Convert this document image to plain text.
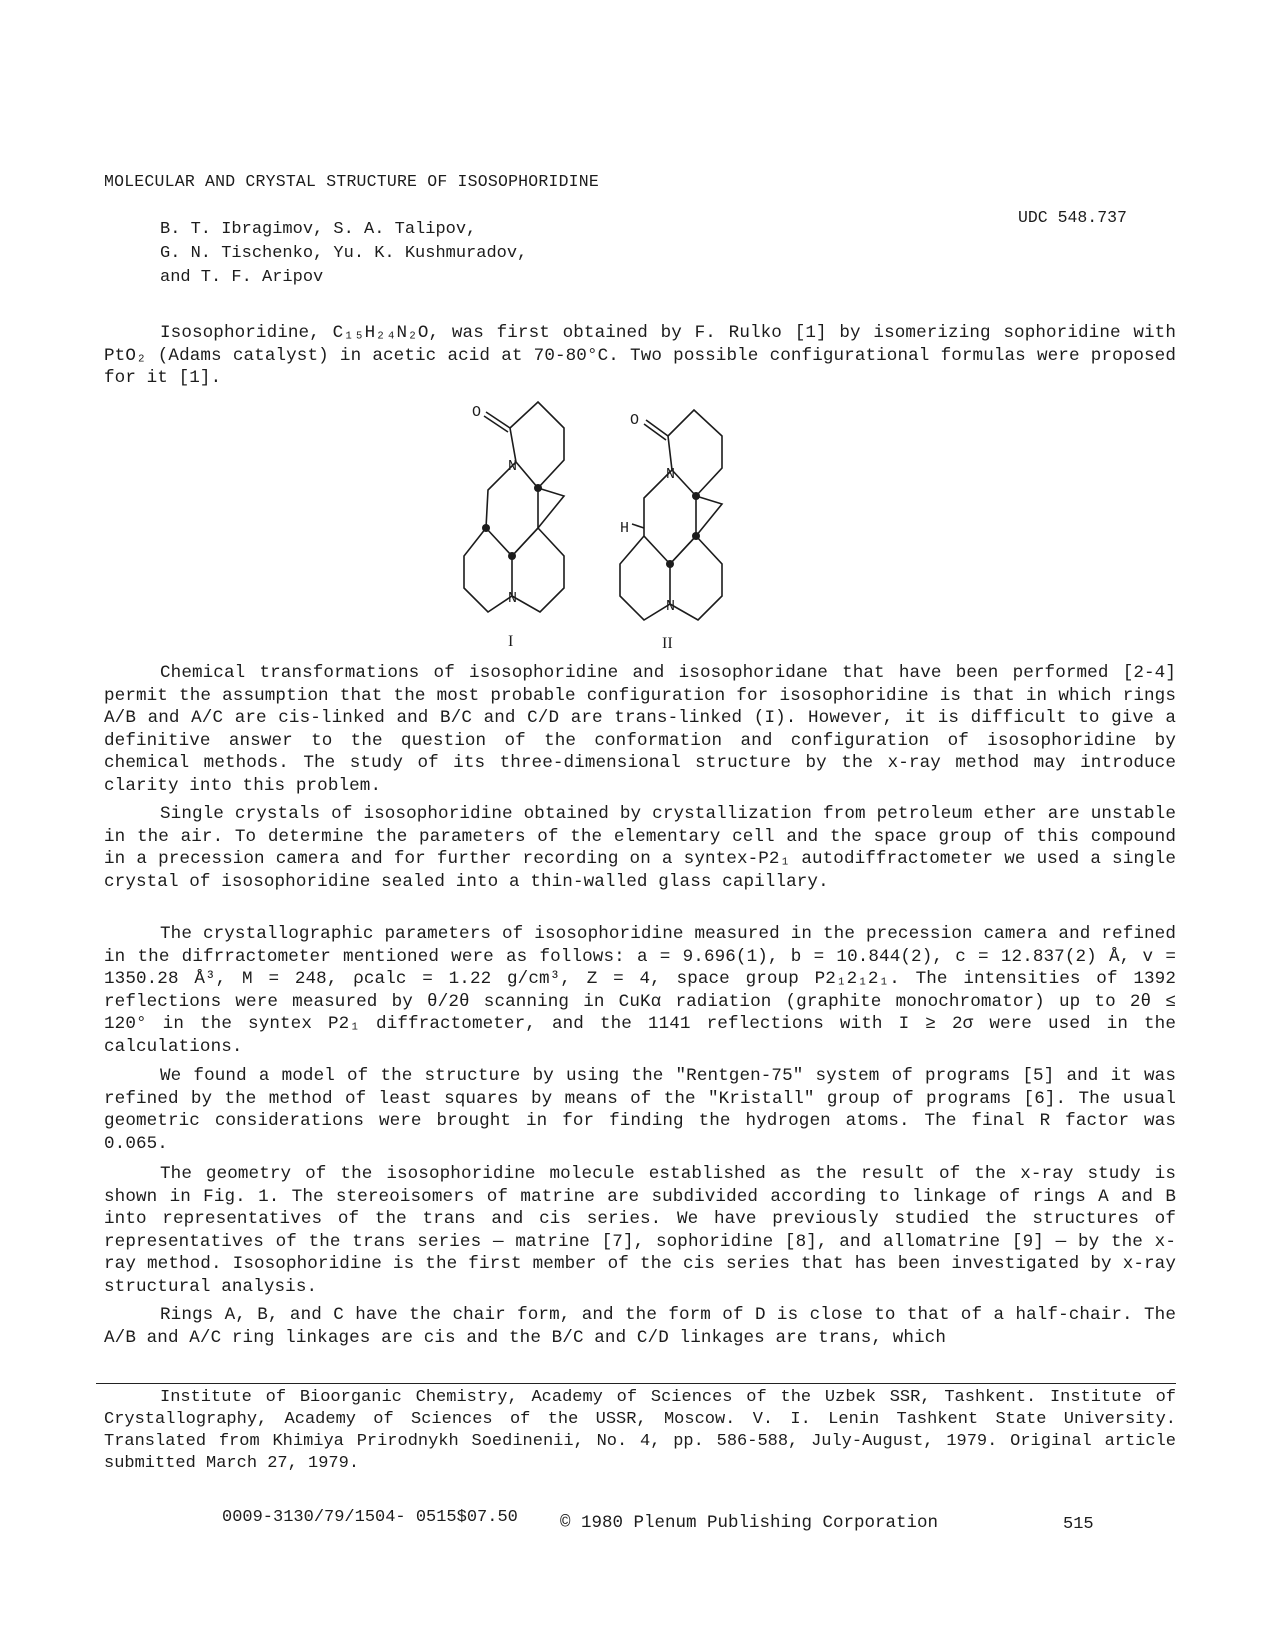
MOLECULAR AND CRYSTAL STRUCTURE OF ISOSOPHORIDINE
UDC 548.737
B. T. Ibragimov, S. A. Talipov,
G. N. Tischenko, Yu. K. Kushmuradov,
and T. F. Aripov
Isosophoridine, C₁₅H₂₄N₂O, was first obtained by F. Rulko [1] by isomerizing sophoridine with PtO₂ (Adams catalyst) in acetic acid at 70-80°C. Two possible configurational formulas were proposed for it [1].
O
N
N
I
O
N
H
N
II
Chemical transformations of isosophoridine and isosophoridane that have been performed [2-4] permit the assumption that the most probable configuration for isosophoridine is that in which rings A/B and A/C are cis-linked and B/C and C/D are trans-linked (I). However, it is difficult to give a definitive answer to the question of the conformation and configuration of isosophoridine by chemical methods. The study of its three-dimensional structure by the x-ray method may introduce clarity into this problem.
Single crystals of isosophoridine obtained by crystallization from petroleum ether are unstable in the air. To determine the parameters of the elementary cell and the space group of this compound in a precession camera and for further recording on a syntex-P2₁ autodiffractometer we used a single crystal of isosophoridine sealed into a thin-walled glass capillary.
The crystallographic parameters of isosophoridine measured in the precession camera and refined in the difrractometer mentioned were as follows: a = 9.696(1), b = 10.844(2), c = 12.837(2) Å, v = 1350.28 Å³, M = 248, ρcalc = 1.22 g/cm³, Z = 4, space group P2₁2₁2₁. The intensities of 1392 reflections were measured by θ/2θ scanning in CuKα radiation (graphite monochromator) up to 2θ ≤ 120° in the syntex P2₁ diffractometer, and the 1141 reflections with I ≥ 2σ were used in the calculations.
We found a model of the structure by using the "Rentgen-75" system of programs [5] and it was refined by the method of least squares by means of the "Kristall" group of programs [6]. The usual geometric considerations were brought in for finding the hydrogen atoms. The final R factor was 0.065.
The geometry of the isosophoridine molecule established as the result of the x-ray study is shown in Fig. 1. The stereoisomers of matrine are subdivided according to linkage of rings A and B into representatives of the trans and cis series. We have previously studied the structures of representatives of the trans series — matrine [7], sophoridine [8], and allomatrine [9] — by the x-ray method. Isosophoridine is the first member of the cis series that has been investigated by x-ray structural analysis.
Rings A, B, and C have the chair form, and the form of D is close to that of a half-chair. The A/B and A/C ring linkages are cis and the B/C and C/D linkages are trans, which
Institute of Bioorganic Chemistry, Academy of Sciences of the Uzbek SSR, Tashkent. Institute of Crystallography, Academy of Sciences of the USSR, Moscow. V. I. Lenin Tashkent State University. Translated from Khimiya Prirodnykh Soedinenii, No. 4, pp. 586-588, July-August, 1979. Original article submitted March 27, 1979.
0009-3130/79/1504- 0515$07.50 © 1980 Plenum Publishing Corporation	515
